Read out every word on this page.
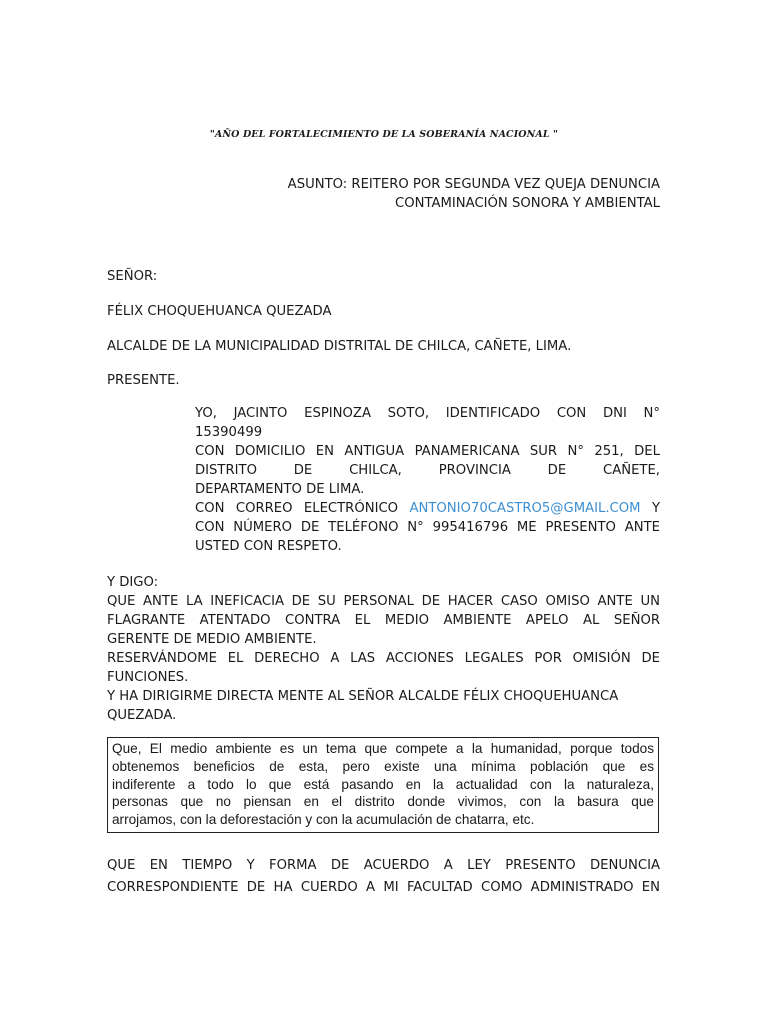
"AÑO DEL FORTALECIMIENTO DE LA SOBERANÍA NACIONAL "
ASUNTO: REITERO POR SEGUNDA VEZ QUEJA DENUNCIA
CONTAMINACIÓN SONORA Y AMBIENTAL
SEÑOR:
FÉLIX CHOQUEHUANCA QUEZADA
ALCALDE DE LA MUNICIPALIDAD DISTRITAL DE CHILCA, CAÑETE, LIMA.
PRESENTE.
YO, JACINTO ESPINOZA SOTO, IDENTIFICADO CON DNI N°
15390499
CON DOMICILIO EN ANTIGUA PANAMERICANA SUR N° 251, DEL
DISTRITO DE	CHILCA, PROVINCIA DE CAÑETE,
DEPARTAMENTO DE LIMA.
CON CORREO ELECTRÓNICO ANTONIO70CASTRO5@GMAIL.COM Y
CON NÚMERO DE TELÉFONO N° 995416796 ME PRESENTO ANTE
USTED CON RESPETO.
Y DIGO:
QUE ANTE LA INEFICACIA DE SU PERSONAL DE HACER CASO OMISO ANTE UN
FLAGRANTE ATENTADO CONTRA EL MEDIO AMBIENTE APELO AL SEÑOR
GERENTE DE MEDIO AMBIENTE.
RESERVÁNDOME EL DERECHO A LAS ACCIONES LEGALES POR OMISIÓN DE
FUNCIONES.
Y HA DIRIGIRME DIRECTA MENTE AL SEÑOR ALCALDE FÉLIX CHOQUEHUANCA
QUEZADA.
Que, El medio ambiente es un tema que compete a la humanidad, porque todos
obtenemos beneficios de esta, pero existe una mínima población que es
indiferente a todo lo que está pasando en la actualidad con la naturaleza,
personas que no piensan en el distrito donde vivimos, con la basura que
arrojamos, con la deforestación y con la acumulación de chatarra, etc.
QUE EN TIEMPO Y FORMA DE ACUERDO A LEY PRESENTO DENUNCIA
CORRESPONDIENTE DE HA CUERDO A MI FACULTAD COMO ADMINISTRADO EN
